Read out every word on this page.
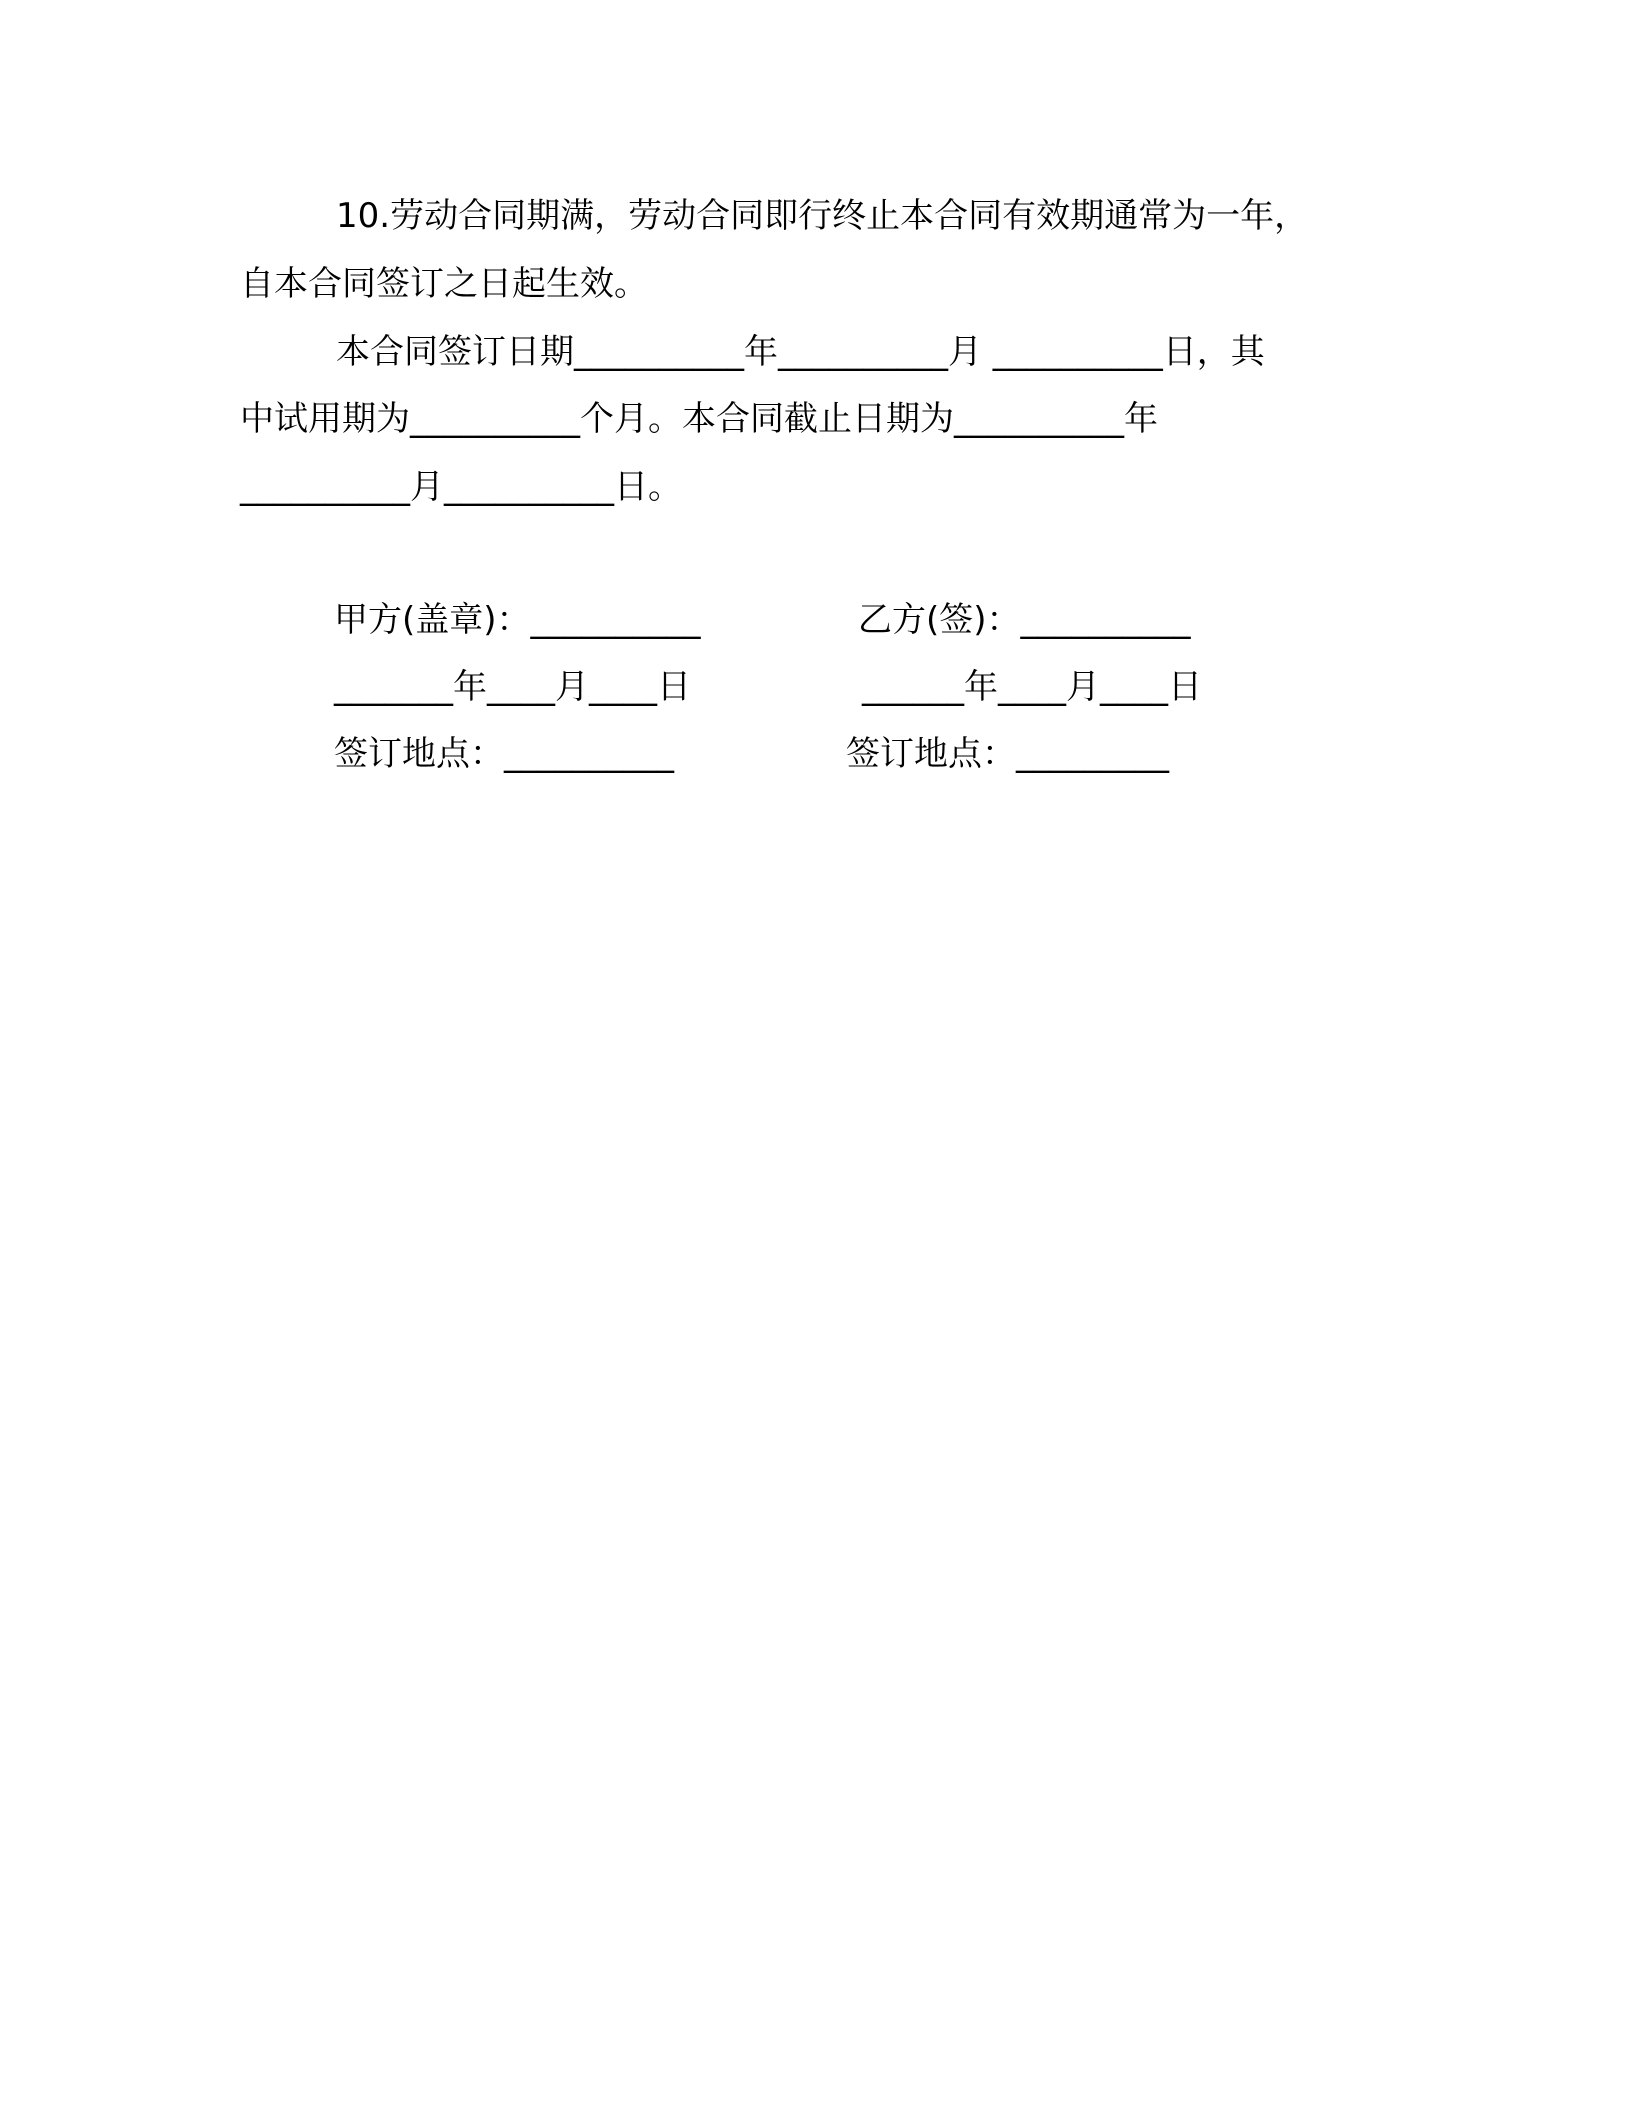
10.劳动合同期满，劳动合同即行终止本合同有效期通常为一年，
自本合同签订之日起生效。
本合同签订日期__________年__________月 __________日，其
中试用期为__________个月。本合同截止日期为__________年
__________月__________日。
甲方(盖章)：__________	乙方(签)：__________
_______年____月____日	______年____月____日
签订地点：__________	签订地点：_________
